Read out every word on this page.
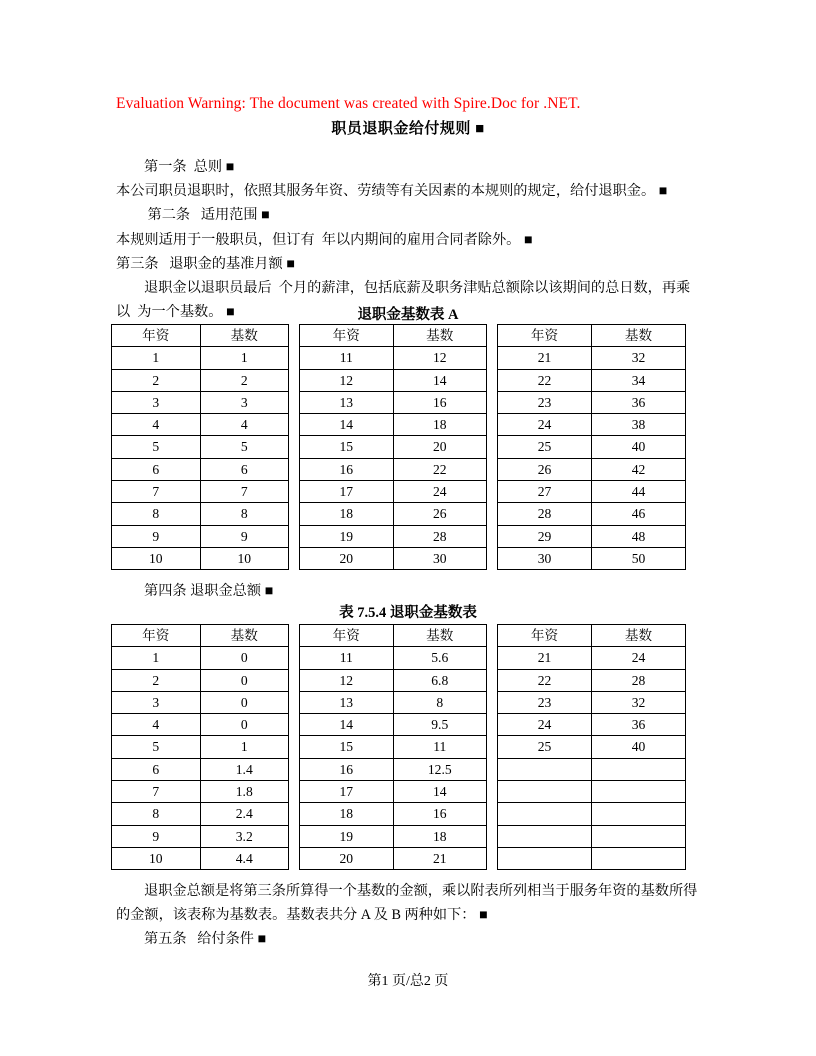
Evaluation Warning: The document was created with Spire.Doc for .NET.
职员退职金给付规则 ■

第一条  总则 ■

本公司职员退职时，依照其服务年资、劳绩等有关因素的本规则的规定，给付退职金。 ■

第二条   适用范围 ■

本规则适用于一般职员，但订有  年以内期间的雇用合同者除外。 ■

第三条   退职金的基准月额 ■

退职金以退职员最后  个月的薪津，包括底薪及职务津贴总额除以该期间的总日数，再乘

以  为一个基数。 ■	退职金基数表 A
年资	基数
1	1
2	2
3	3
4	4
5	5
6	6
7	7
8	8
9	9
10	10
年资	基数
11	12
12	14
13	16
14	18
15	20
16	22
17	24
18	26
19	28
20	30
年资	基数
21	32
22	34
23	36
24	38
25	40
26	42
27	44
28	46
29	48
30	50
第四条 退职金总额 ■
表 7.5.4 退职金基数表
年资	基数
1	0
2	0
3	0
4	0
5	1
6	1.4
7	1.8
8	2.4
9	3.2
10	4.4
年资	基数
11	5.6
12	6.8
13	8
14	9.5
15	11
16	12.5
17	14
18	16
19	18
20	21
年资	基数
21	24
22	28
23	32
24	36
25	40

退职金总额是将第三条所算得一个基数的金额，乘以附表所列相当于服务年资的基数所得

的金额，该表称为基数表。基数表共分 A 及 B 两种如下： ■

第五条   给付条件 ■

第1 页/总2 页
